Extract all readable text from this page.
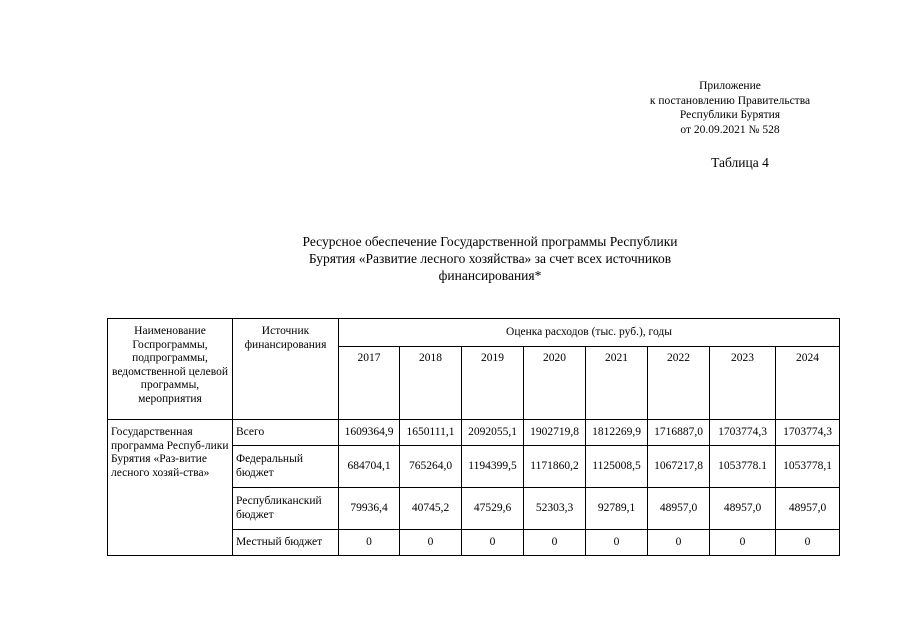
Приложение
к постановлению Правительства
Республики Бурятия
от 20.09.2021 № 528
Таблица 4
Ресурсное обеспечение Государственной программы Республики
Бурятия «Развитие лесного хозяйства» за счет всех источников
финансирования*
Наименование Госпрограммы, подпрограммы, ведомственной целевой программы, мероприятия	Источник финансирования	Оценка расходов (тыс. руб.), годы							
		2017	2018	2019	2020	2021	2022	2023	2024
Государственная программа Респуб-лики Бурятия «Раз-витие лесного хозяй-ства»	Всего	1609364,9	1650111,1	2092055,1	1902719,8	1812269,9	1716887,0	1703774,3	1703774,3
	Федеральный бюджет	684704,1	765264,0	1194399,5	1171860,2	1125008,5	1067217,8	1053778.1	1053778,1
	Республиканский бюджет	79936,4	40745,2	47529,6	52303,3	92789,1	48957,0	48957,0	48957,0
	Местный бюджет	0	0	0	0	0	0	0	0
